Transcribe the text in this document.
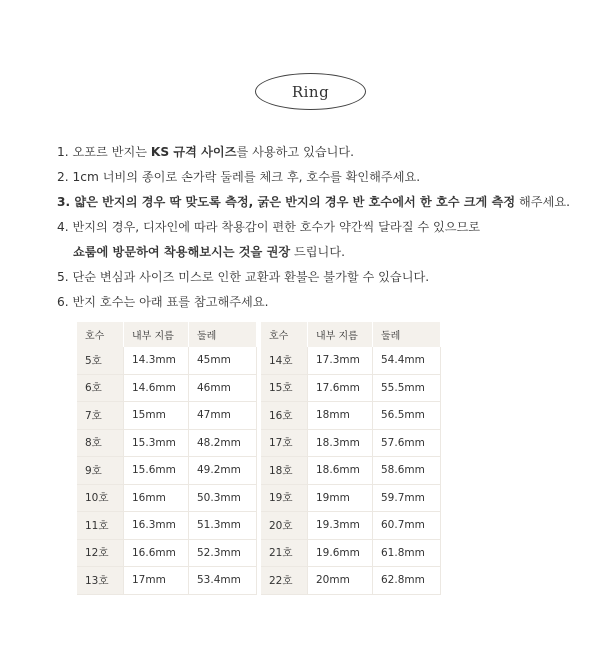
Ring
1. 오포르 반지는 KS 규격 사이즈를 사용하고 있습니다.
2. 1cm 너비의 종이로 손가락 둘레를 체크 후, 호수를 확인해주세요.
3. 얇은 반지의 경우 딱 맞도록 측정, 굵은 반지의 경우 반 호수에서 한 호수 크게 측정 해주세요.
4. 반지의 경우, 디자인에 따라 착용감이 편한 호수가 약간씩 달라질 수 있으므로
쇼룸에 방문하여 착용해보시는 것을 권장 드립니다.
5. 단순 변심과 사이즈 미스로 인한 교환과 환불은 불가할 수 있습니다.
6. 반지 호수는 아래 표를 참고해주세요.
호수	내부 지름	둘레
5호	14.3mm	45mm
6호	14.6mm	46mm
7호	15mm	47mm
8호	15.3mm	48.2mm
9호	15.6mm	49.2mm
10호	16mm	50.3mm
11호	16.3mm	51.3mm
12호	16.6mm	52.3mm
13호	17mm	53.4mm
호수	내부 지름	둘레
14호	17.3mm	54.4mm
15호	17.6mm	55.5mm
16호	18mm	56.5mm
17호	18.3mm	57.6mm
18호	18.6mm	58.6mm
19호	19mm	59.7mm
20호	19.3mm	60.7mm
21호	19.6mm	61.8mm
22호	20mm	62.8mm
